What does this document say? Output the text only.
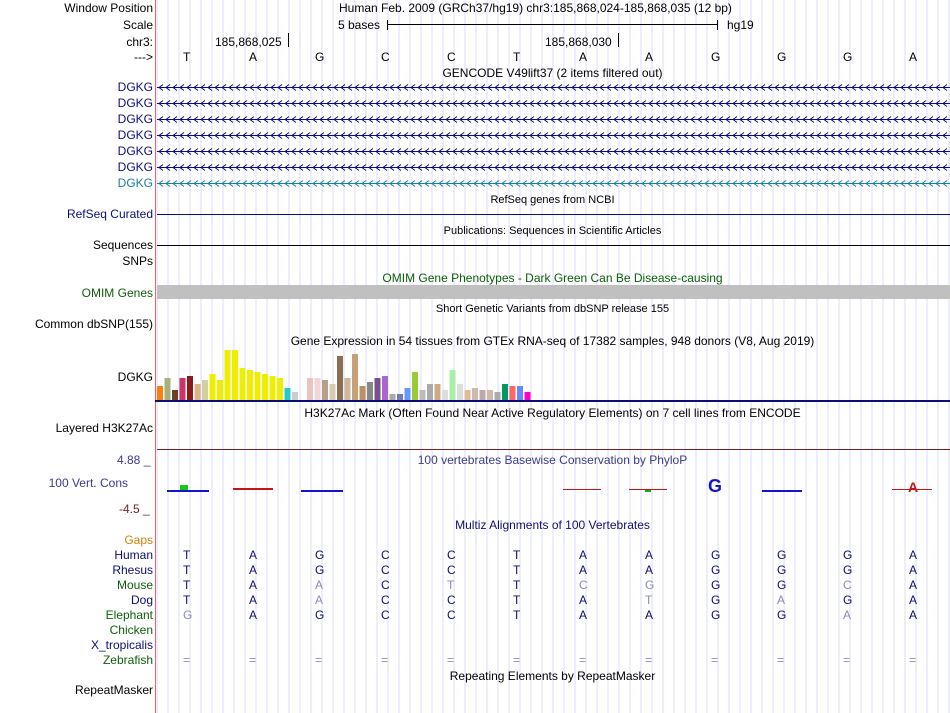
Window Position	Human Feb. 2009 (GRCh37/hg19) chr3:185,868,024-185,868,035 (12 bp)
Scale	5 bases	hg19
chr3:	185,868,025	185,868,030
--->	T	A	G	C	C	T	A	A	G	G	G	A
GENCODE V49lift37 (2 items filtered out)
DGKG
DGKG
DGKG
DGKG
DGKG
DGKG
DGKG
RefSeq genes from NCBI
RefSeq Curated
Publications: Sequences in Scientific Articles
Sequences
SNPs
OMIM Gene Phenotypes - Dark Green Can Be Disease-causing
OMIM Genes
Short Genetic Variants from dbSNP release 155
Common dbSNP(155)
Gene Expression in 54 tissues from GTEx RNA-seq of 17382 samples, 948 donors (V8, Aug 2019)
DGKG
H3K27Ac Mark (Often Found Near Active Regulatory Elements) on 7 cell lines from ENCODE
Layered H3K27Ac
100 vertebrates Basewise Conservation by PhyloP
4.88 _
100 Vert. Cons
-4.5 _
G	A
Multiz Alignments of 100 Vertebrates
Gaps
Human	T	A	G	C	C	T	A	A	G	G	G	A
Rhesus	T	A	G	C	C	T	A	A	G	G	G	A
Mouse	T	A	A	C	T	T	C	G	G	G	C	A
Dog	T	A	A	C	C	T	A	T	G	A	G	A
Elephant	G	A	G	C	C	T	A	A	G	G	A	A
Chicken
X_tropicalis
Zebrafish	=	=	=	=	=	=	=	=	=	=	=	=
Repeating Elements by RepeatMasker
RepeatMasker
